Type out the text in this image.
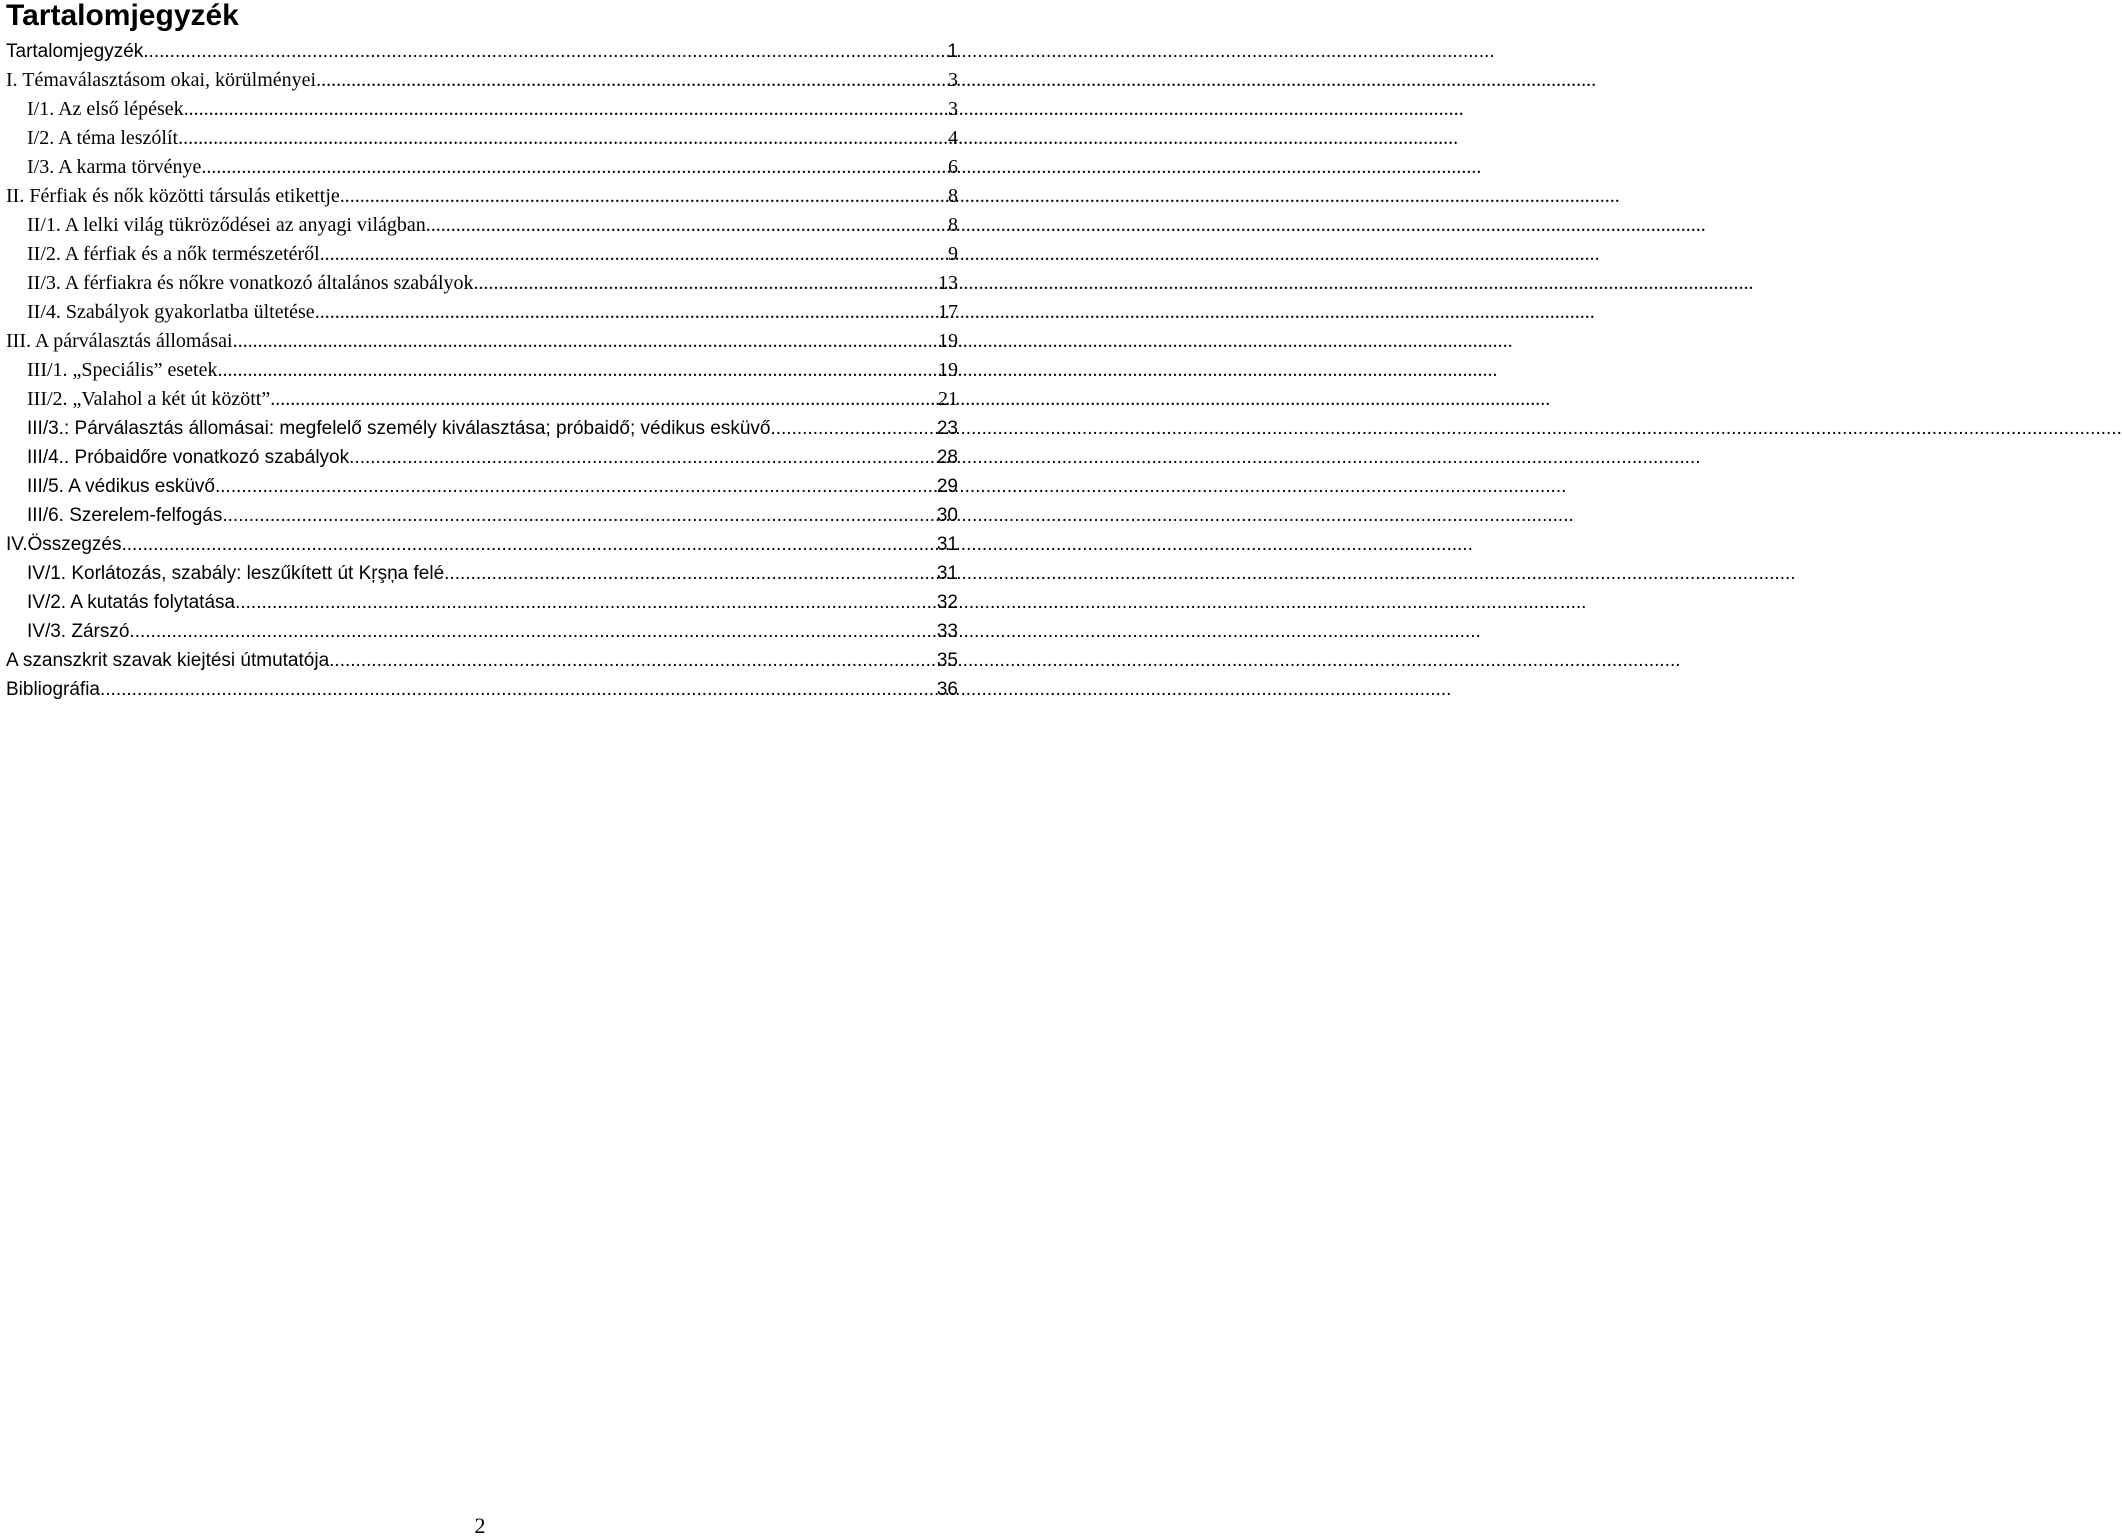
Tartalomjegyzék
Tartalomjegyzék .....	1
I. Témaválasztásom okai, körülményei .....	3
I/1. Az első lépések .....	3
I/2. A téma leszólít .....	4
I/3. A karma törvénye .....	6
II. Férfiak és nők közötti társulás etikettje .....	8
II/1. A lelki világ tükröződései az anyagi világban .....	8
II/2. A férfiak és a nők természetéről .....	9
II/3. A férfiakra és nőkre vonatkozó általános szabályok .....	13
II/4. Szabályok gyakorlatba ültetése .....	17
III. A párválasztás állomásai .....	19
III/1. „Speciális” esetek .....	19
III/2. „Valahol a két út között” .....	21
III/3.: Párválasztás állomásai: megfelelő személy kiválasztása; próbaidő; védikus esküvő .....	23
III/4.. Próbaidőre vonatkozó szabályok .....	28
III/5. A védikus esküvő .....	29
III/6. Szerelem-felfogás .....	30
IV.Összegzés .....	31
IV/1. Korlátozás, szabály: leszűkített út Kŗşņa felé .....	31
IV/2. A kutatás folytatása .....	32
IV/3. Zárszó .....	33
A szanszkrit szavak kiejtési útmutatója .....	35
Bibliográfia .....	36
2
